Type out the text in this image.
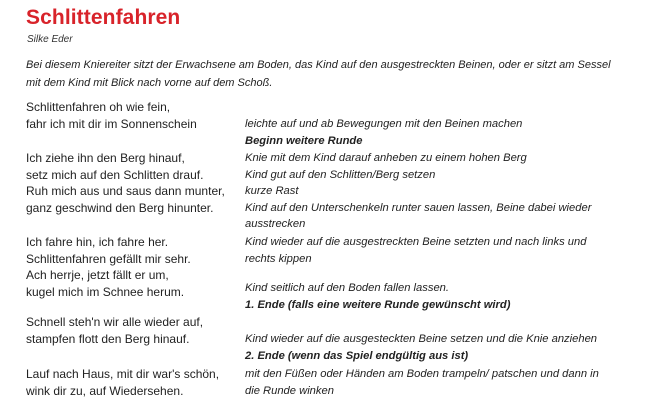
Schlittenfahren
Silke Eder
Bei diesem Kniereiter sitzt der Erwachsene am Boden, das Kind auf den ausgestreckten Beinen, oder er sitzt am Sessel
mit dem Kind mit Blick nach vorne auf dem Schoß.
Schlittenfahren oh wie fein,
fahr ich mit dir im Sonnenschein
Ich ziehe ihn den Berg hinauf,
setz mich auf den Schlitten drauf.
Ruh mich aus und saus dann munter,
ganz geschwind den Berg hinunter.
Ich fahre hin, ich fahre her.
Schlittenfahren gefällt mir sehr.
Ach herrje, jetzt fällt er um,
kugel mich im Schnee herum.
Schnell steh'n wir alle wieder auf,
stampfen flott den Berg hinauf.
Lauf nach Haus, mit dir war's schön,
wink dir zu, auf Wiedersehen.
leichte auf und ab Bewegungen mit den Beinen machen
Beginn weitere Runde
Knie mit dem Kind darauf anheben zu einem hohen Berg
Kind gut auf den Schlitten/Berg setzen
kurze Rast
Kind auf den Unterschenkeln runter sauen lassen, Beine dabei wieder
ausstrecken
Kind wieder auf die ausgestreckten Beine setzten und nach links und
rechts kippen
Kind seitlich auf den Boden fallen lassen.
1. Ende (falls eine weitere Runde gewünscht wird)
Kind wieder auf die ausgesteckten Beine setzen und die Knie anziehen
2. Ende (wenn das Spiel endgültig aus ist)
mit den Füßen oder Händen am Boden trampeln/ patschen und dann in
die Runde winken
